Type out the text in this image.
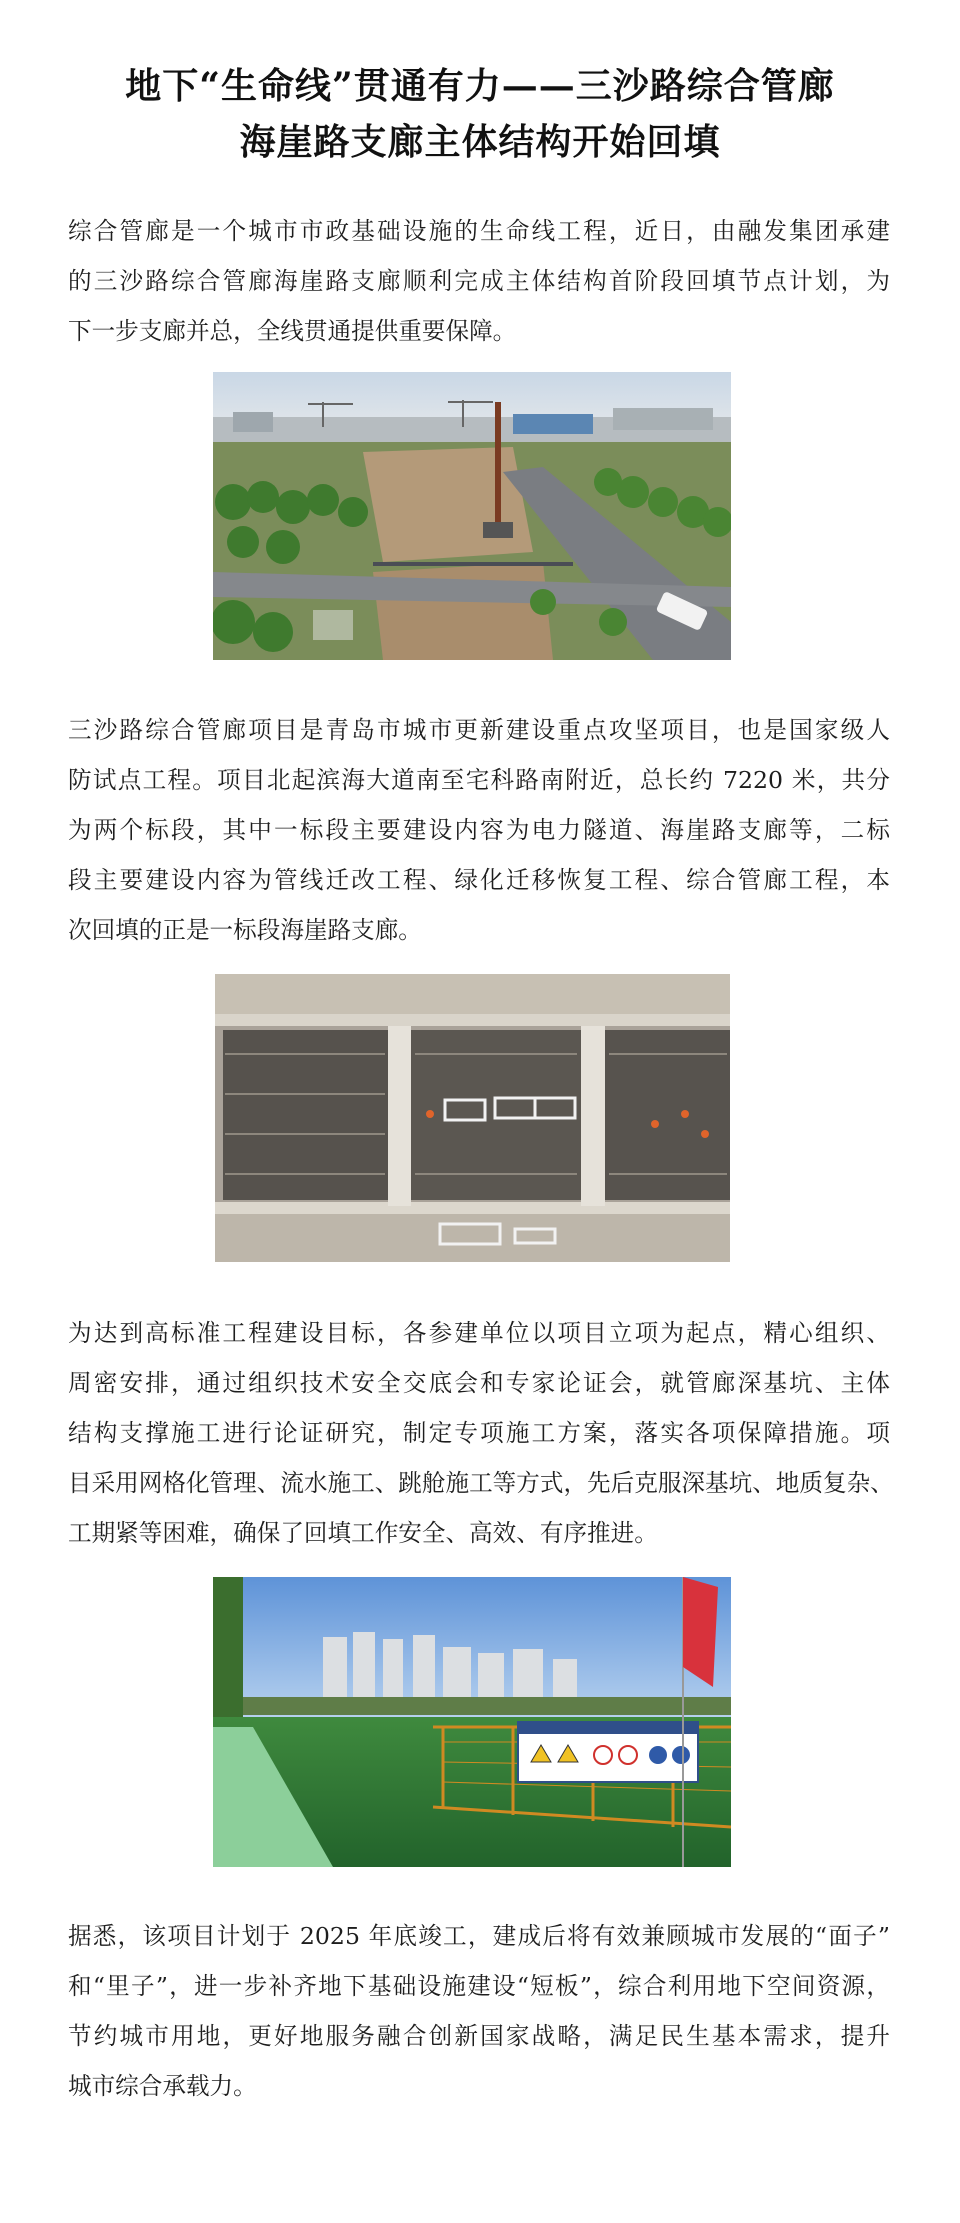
地下“生命线”贯通有力——三沙路综合管廊
海崖路支廊主体结构开始回填

综合管廊是一个城市市政基础设施的生命线工程，近日，由融发集团承建
的三沙路综合管廊海崖路支廊顺利完成主体结构首阶段回填节点计划，为
下一步支廊并总，全线贯通提供重要保障。

三沙路综合管廊项目是青岛市城市更新建设重点攻坚项目，也是国家级人
防试点工程。项目北起滨海大道南至宅科路南附近，总长约 7220 米，共分
为两个标段，其中一标段主要建设内容为电力隧道、海崖路支廊等，二标
段主要建设内容为管线迁改工程、绿化迁移恢复工程、综合管廊工程，本
次回填的正是一标段海崖路支廊。

为达到高标准工程建设目标，各参建单位以项目立项为起点，精心组织、
周密安排，通过组织技术安全交底会和专家论证会，就管廊深基坑、主体
结构支撑施工进行论证研究，制定专项施工方案，落实各项保障措施。项
目采用网格化管理、流水施工、跳舱施工等方式，先后克服深基坑、地质复杂、
工期紧等困难，确保了回填工作安全、高效、有序推进。

据悉，该项目计划于 2025 年底竣工，建成后将有效兼顾城市发展的“面子”
和“里子”，进一步补齐地下基础设施建设“短板”，综合利用地下空间资源，
节约城市用地，更好地服务融合创新国家战略，满足民生基本需求，提升
城市综合承载力。
